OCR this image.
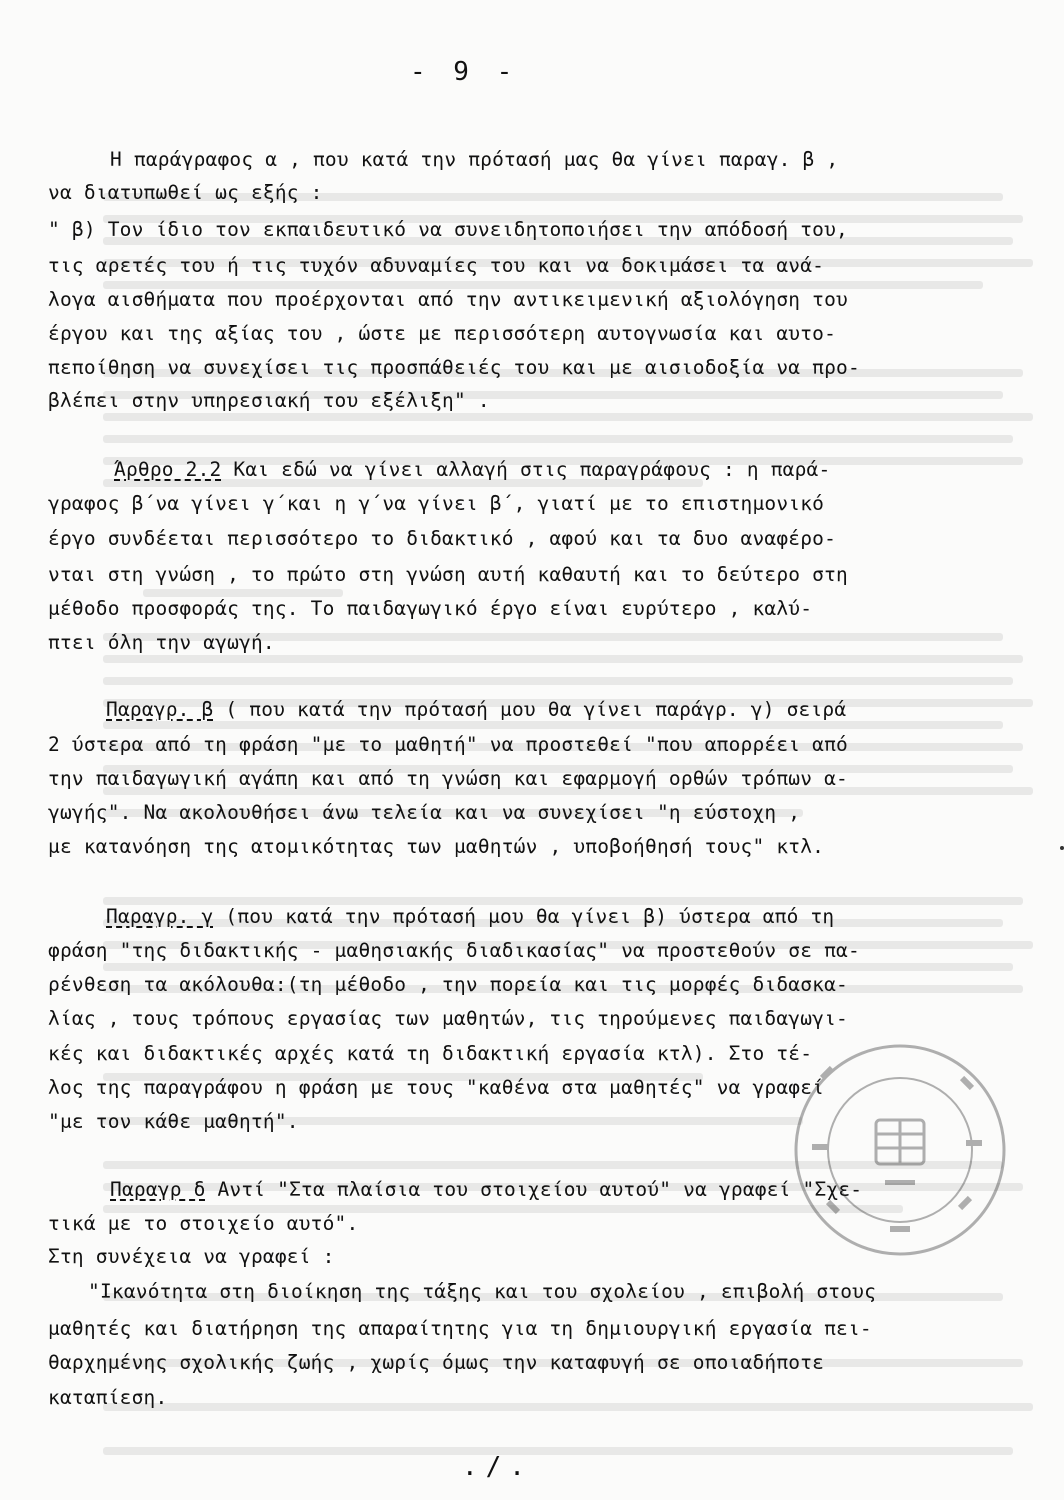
- 9 -
Η παράγραφος α , που κατά την πρότασή μας θα γίνει παραγ. β ,
να διατυπωθεί ως εξής :
" β) Τον ίδιο τον εκπαιδευτικό να συνειδητοποιήσει την απόδοσή του,
τις αρετές του ή τις τυχόν αδυναμίες του και να δοκιμάσει τα ανά-
λογα αισθήματα που προέρχονται από την αντικειμενική αξιολόγηση του
έργου και της αξίας του , ώστε με περισσότερη αυτογνωσία και αυτο-
πεποίθηση να συνεχίσει τις προσπάθειές του και με αισιοδοξία να προ-
βλέπει στην υπηρεσιακή του εξέλιξη" .
Άρθρο 2.2 Και εδώ να γίνει αλλαγή στις παραγράφους : η παρά-
γραφος β΄να γίνει γ΄και η γ΄να γίνει β΄, γιατί με το επιστημονικό
έργο συνδέεται περισσότερο το διδακτικό , αφού και τα δυο αναφέρο-
νται στη γνώση , το πρώτο στη γνώση αυτή καθαυτή και το δεύτερο στη
μέθοδο προσφοράς της. Το παιδαγωγικό έργο είναι ευρύτερο , καλύ-
πτει όλη την αγωγή.
Παραγρ. β ( που κατά την πρότασή μου θα γίνει παράγρ. γ) σειρά
2 ύστερα από τη φράση "με το μαθητή" να προστεθεί "που απορρέει από
την παιδαγωγική αγάπη και από τη γνώση και εφαρμογή ορθών τρόπων α-
γωγής". Να ακολουθήσει άνω τελεία και να συνεχίσει "η εύστοχη ,
με κατανόηση της ατομικότητας των μαθητών , υποβοήθησή τους" κτλ.
Παραγρ. γ (που κατά την πρότασή μου θα γίνει β) ύστερα από τη
φράση "της διδακτικής - μαθησιακής διαδικασίας" να προστεθούν σε πα-
ρένθεση τα ακόλουθα:(τη μέθοδο , την πορεία και τις μορφές διδασκα-
λίας , τους τρόπους εργασίας των μαθητών, τις τηρούμενες παιδαγωγι-
κές και διδακτικές αρχές κατά τη διδακτική εργασία κτλ). Στο τέ-
λος της παραγράφου η φράση με τους "καθένα στα μαθητές" να γραφεί
"με τον κάθε μαθητή".
Παραγρ δ Αντί "Στα πλαίσια του στοιχείου αυτού" να γραφεί "Σχε-
τικά με το στοιχείο αυτό".
Στη συνέχεια να γραφεί :
"Ικανότητα στη διοίκηση της τάξης και του σχολείου , επιβολή στους
μαθητές και διατήρηση της απαραίτητης για τη δημιουργική εργασία πει-
θαρχημένης σχολικής ζωής , χωρίς όμως την καταφυγή σε οποιαδήποτε
καταπίεση.
./.
